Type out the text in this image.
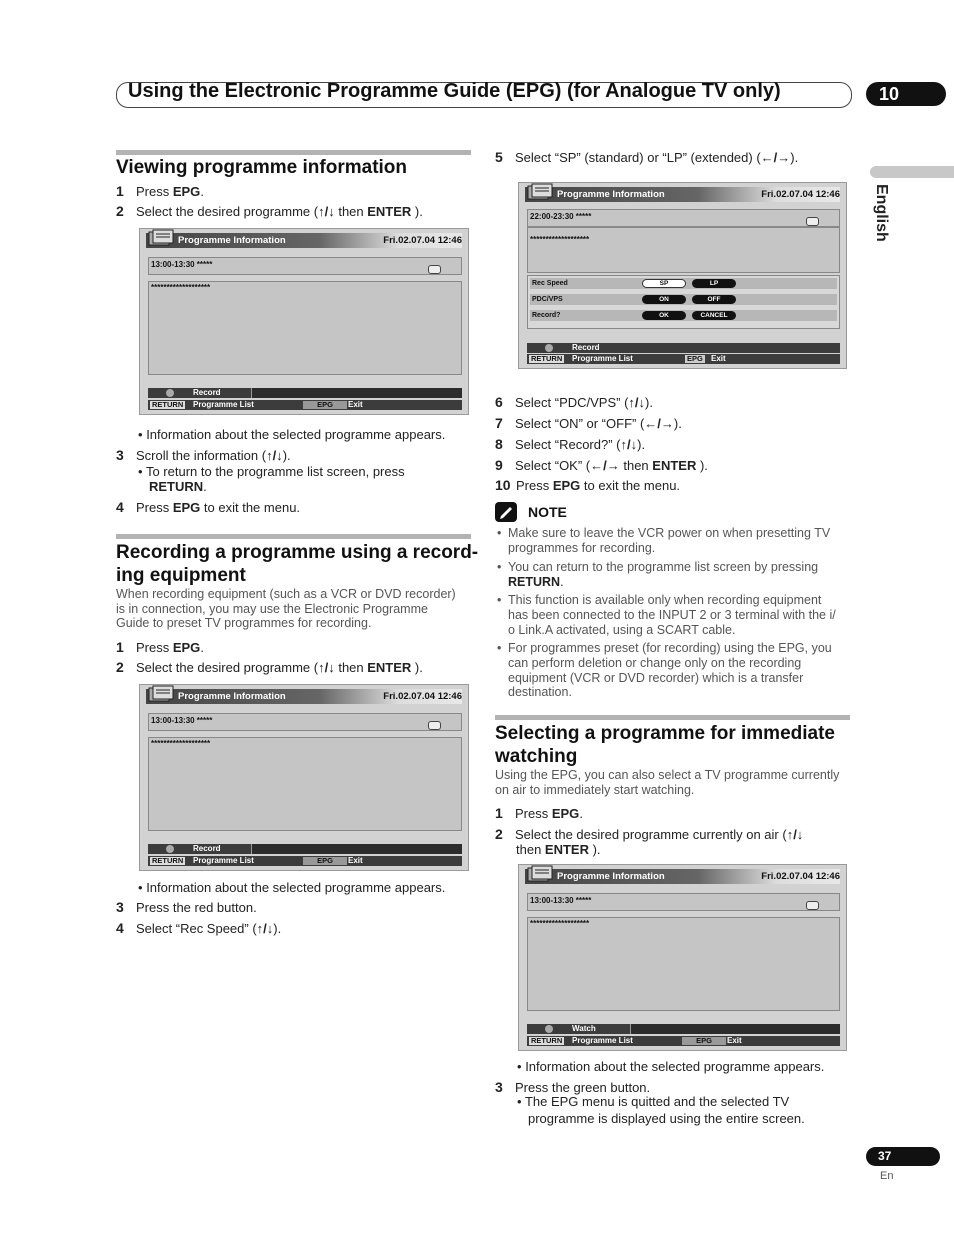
Using the Electronic Programme Guide (EPG) (for Analogue TV only)	10
English
Viewing programme information
1 Press EPG.
2 Select the desired programme (↑/↓ then ENTER ).
Programme Information	Fri.02.07.04 12:46
13:00-13:30 *****
*******************
Record
RETURN Programme List	EPG	Exit
• Information about the selected programme appears.
3 Scroll the information (↑/↓).
• To return to the programme list screen, press
RETURN.
4 Press EPG to exit the menu.
Recording a programme using a record-
ing equipment
When recording equipment (such as a VCR or DVD recorder)
is in connection, you may use the Electronic Programme
Guide to preset TV programmes for recording.
1 Press EPG.
2 Select the desired programme (↑/↓ then ENTER ).
Programme Information	Fri.02.07.04 12:46
13:00-13:30 *****
*******************
Record
RETURN Programme List	EPG	Exit
• Information about the selected programme appears.
3 Press the red button.
4 Select “Rec Speed” (↑/↓).
5 Select “SP” (standard) or “LP” (extended) (←/→).
Programme Information	Fri.02.07.04 12:46
22:00-23:30 *****
*******************
Rec Speed	SP	LP
PDC/VPS	ON	OFF
Record?	OK	CANCEL
Record
RETURN Programme List	EPG Exit
6 Select “PDC/VPS” (↑/↓).
7 Select “ON” or “OFF” (←/→).
8 Select “Record?” (↑/↓).
9 Select “OK” (←/→ then ENTER ).
10 Press EPG to exit the menu.
NOTE
• Make sure to leave the VCR power on when presetting TV
programmes for recording.
• You can return to the programme list screen by pressing
RETURN.
• This function is available only when recording equipment
has been connected to the INPUT 2 or 3 terminal with the i/
o Link.A activated, using a SCART cable.
• For programmes preset (for recording) using the EPG, you
can perform deletion or change only on the recording
equipment (VCR or DVD recorder) which is a transfer
destination.
Selecting a programme for immediate
watching
Using the EPG, you can also select a TV programme currently
on air to immediately start watching.
1 Press EPG.
2 Select the desired programme currently on air (↑/↓
then ENTER ).
Programme Information	Fri.02.07.04 12:46
13:00-13:30 *****
*******************
Watch
RETURN Programme List	EPG	Exit
• Information about the selected programme appears.
3 Press the green button.
• The EPG menu is quitted and the selected TV
programme is displayed using the entire screen.
37
En
